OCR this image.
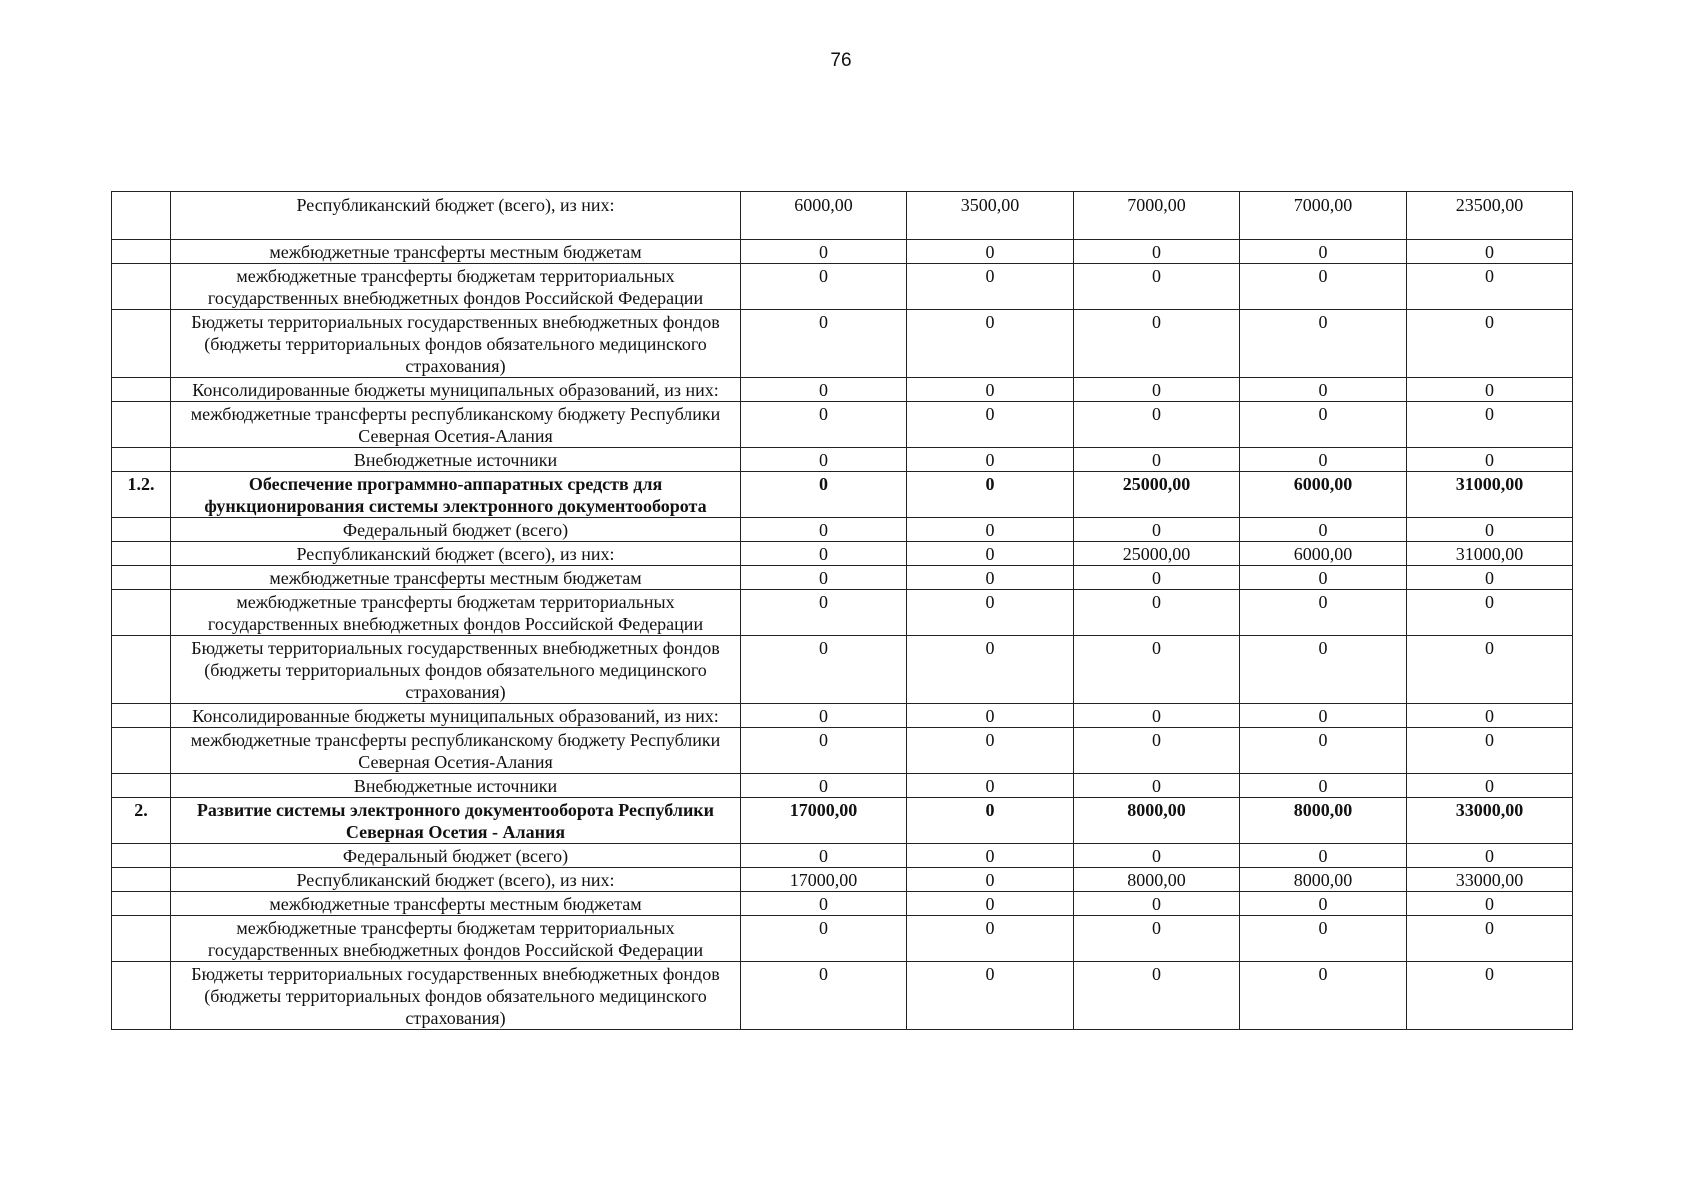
76
	Республиканский бюджет (всего), из них:	6000,00	3500,00	7000,00	7000,00	23500,00
	межбюджетные трансферты местным бюджетам	0	0	0	0	0
	межбюджетные трансферты бюджетам территориальных государственных внебюджетных фондов Российской Федерации	0	0	0	0	0
	Бюджеты территориальных государственных внебюджетных фондов (бюджеты территориальных фондов обязательного медицинского страхования)	0	0	0	0	0
	Консолидированные бюджеты муниципальных образований, из них:	0	0	0	0	0
	межбюджетные трансферты республиканскому бюджету Республики Северная Осетия-Алания	0	0	0	0	0
	Внебюджетные источники	0	0	0	0	0
1.2.	Обеспечение программно-аппаратных средств для функционирования системы электронного документооборота	0	0	25000,00	6000,00	31000,00
	Федеральный бюджет (всего)	0	0	0	0	0
	Республиканский бюджет (всего), из них:	0	0	25000,00	6000,00	31000,00
	межбюджетные трансферты местным бюджетам	0	0	0	0	0
	межбюджетные трансферты бюджетам территориальных государственных внебюджетных фондов Российской Федерации	0	0	0	0	0
	Бюджеты территориальных государственных внебюджетных фондов (бюджеты территориальных фондов обязательного медицинского страхования)	0	0	0	0	0
	Консолидированные бюджеты муниципальных образований, из них:	0	0	0	0	0
	межбюджетные трансферты республиканскому бюджету Республики Северная Осетия-Алания	0	0	0	0	0
	Внебюджетные источники	0	0	0	0	0
2.	Развитие системы электронного документооборота Республики Северная Осетия - Алания	17000,00	0	8000,00	8000,00	33000,00
	Федеральный бюджет (всего)	0	0	0	0	0
	Республиканский бюджет (всего), из них:	17000,00	0	8000,00	8000,00	33000,00
	межбюджетные трансферты местным бюджетам	0	0	0	0	0
	межбюджетные трансферты бюджетам территориальных государственных внебюджетных фондов Российской Федерации	0	0	0	0	0
	Бюджеты территориальных государственных внебюджетных фондов (бюджеты территориальных фондов обязательного медицинского страхования)	0	0	0	0	0
